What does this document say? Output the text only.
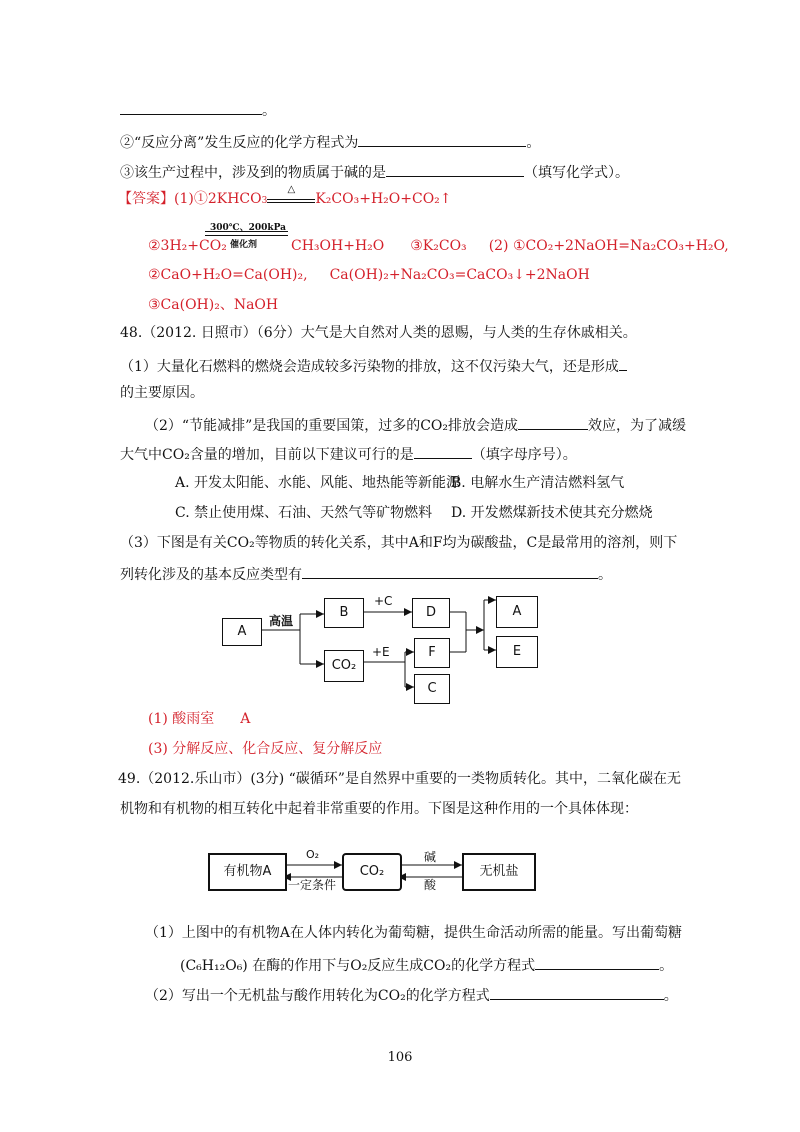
。
②“反应分离”发生反应的化学方程式为	。
③该生产过程中，涉及到的物质属于碱的是	（填写化学式）。
【答案】(1)①2KHCO3
△
K₂CO₃+H₂O+CO₂↑
300℃、200kPa
催化剂
②3H₂+CO₂	CH₃OH+H₂O ③K₂CO₃ (2) ①CO₂+2NaOH=Na₂CO₃+H₂O,
②CaO+H₂O=Ca(OH)₂, Ca(OH)₂+Na₂CO₃=CaCO₃↓+2NaOH
③Ca(OH)₂、NaOH
48.（2012. 日照市）（6分）大气是大自然对人类的恩赐，与人类的生存休戚相关。
（1）大量化石燃料的燃烧会造成较多污染物的排放，这不仅污染大气，还是形成
的主要原因。
（2）“节能减排”是我国的重要国策，过多的CO₂排放会造成	效应，为了减缓
大气中CO₂含量的增加，目前以下建议可行的是	（填字母序号）。
A. 开发太阳能、水能、风能、地热能等新能源
B. 电解水生产清洁燃料氢气
C. 禁止使用煤、石油、天然气等矿物燃料 D. 开发燃煤新技术使其充分燃烧
（3）下图是有关CO₂等物质的转化关系，其中A和F均为碳酸盐，C是最常用的溶剂，则下
列转化涉及的基本反应类型有	。
高温
+C
+E
A
B	D
CO₂
F
C
A
E
(1) 酸雨室 A
(3) 分解反应、化合反应、复分解反应
49.（2012.乐山市）(3分) “碳循环”是自然界中重要的一类物质转化。其中，二氧化碳在无
机物和有机物的相互转化中起着非常重要的作用。下图是这种作用的一个具体体现：
有机物A	CO₂	无机盐
O₂
一定条件
碱
酸
（1）上图中的有机物A在人体内转化为葡萄糖，提供生命活动所需的能量。写出葡萄糖
(C₆H₁₂O₆) 在酶的作用下与O₂反应生成CO₂的化学方程式	。
（2）写出一个无机盐与酸作用转化为CO₂的化学方程式	。
106
